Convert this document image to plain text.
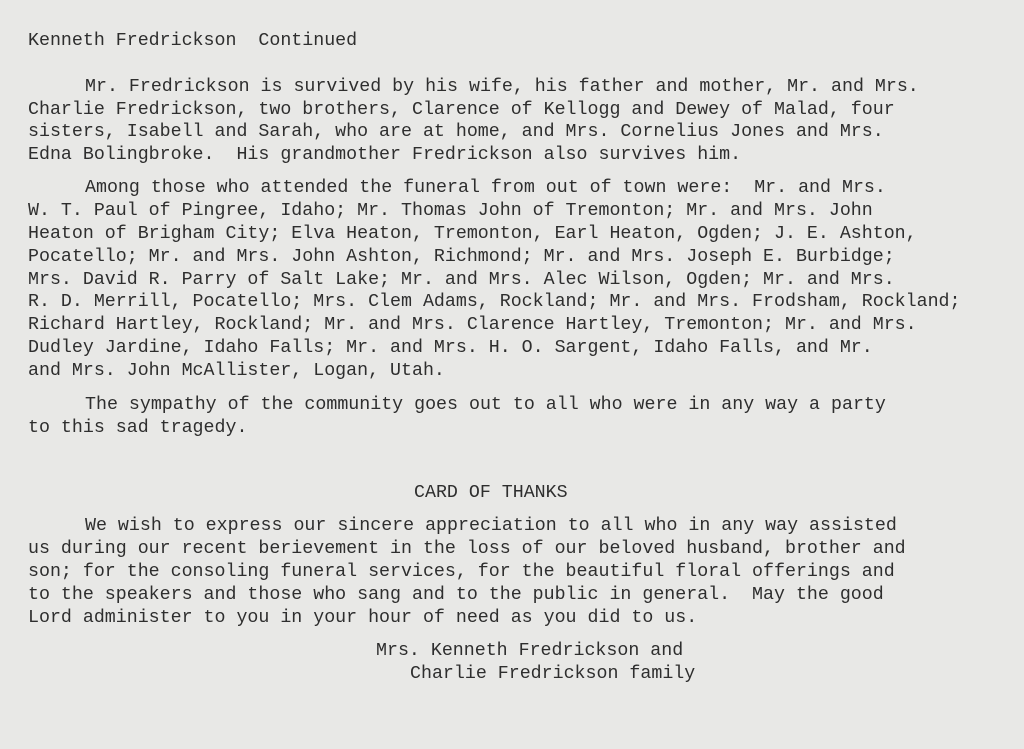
Kenneth Fredrickson  Continued
Mr. Fredrickson is survived by his wife, his father and mother, Mr. and Mrs.
Charlie Fredrickson, two brothers, Clarence of Kellogg and Dewey of Malad, four
sisters, Isabell and Sarah, who are at home, and Mrs. Cornelius Jones and Mrs.
Edna Bolingbroke.  His grandmother Fredrickson also survives him.
Among those who attended the funeral from out of town were:  Mr. and Mrs.
W. T. Paul of Pingree, Idaho; Mr. Thomas John of Tremonton; Mr. and Mrs. John
Heaton of Brigham City; Elva Heaton, Tremonton, Earl Heaton, Ogden; J. E. Ashton,
Pocatello; Mr. and Mrs. John Ashton, Richmond; Mr. and Mrs. Joseph E. Burbidge;
Mrs. David R. Parry of Salt Lake; Mr. and Mrs. Alec Wilson, Ogden; Mr. and Mrs.
R. D. Merrill, Pocatello; Mrs. Clem Adams, Rockland; Mr. and Mrs. Frodsham, Rockland;
Richard Hartley, Rockland; Mr. and Mrs. Clarence Hartley, Tremonton; Mr. and Mrs.
Dudley Jardine, Idaho Falls; Mr. and Mrs. H. O. Sargent, Idaho Falls, and Mr.
and Mrs. John McAllister, Logan, Utah.
The sympathy of the community goes out to all who were in any way a party
to this sad tragedy.
CARD OF THANKS
We wish to express our sincere appreciation to all who in any way assisted
us during our recent berievement in the loss of our beloved husband, brother and
son; for the consoling funeral services, for the beautiful floral offerings and
to the speakers and those who sang and to the public in general.  May the good
Lord administer to you in your hour of need as you did to us.
Mrs. Kenneth Fredrickson and
Charlie Fredrickson family
